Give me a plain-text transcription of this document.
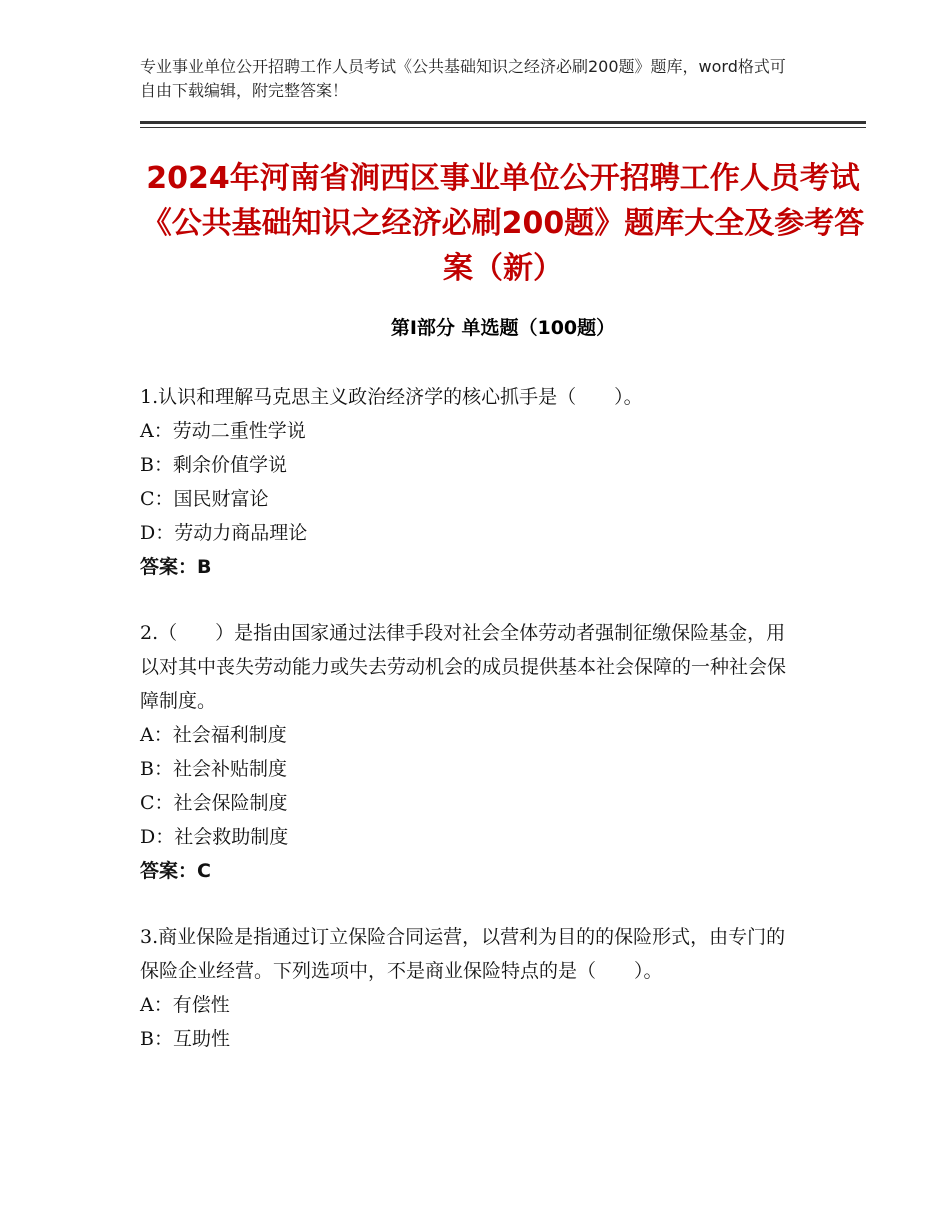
专业事业单位公开招聘工作人员考试《公共基础知识之经济必刷200题》题库，word格式可自由下载编辑，附完整答案！
2024年河南省涧西区事业单位公开招聘工作人员考试《公共基础知识之经济必刷200题》题库大全及参考答案（新）
第Ⅰ部分 单选题（100题）
1.认识和理解马克思主义政治经济学的核心抓手是（　　）。
A：劳动二重性学说
B：剩余价值学说
C：国民财富论
D：劳动力商品理论
答案：B
2.（　　）是指由国家通过法律手段对社会全体劳动者强制征缴保险基金，用以对其中丧失劳动能力或失去劳动机会的成员提供基本社会保障的一种社会保障制度。
A：社会福利制度
B：社会补贴制度
C：社会保险制度
D：社会救助制度
答案：C
3.商业保险是指通过订立保险合同运营，以营利为目的的保险形式，由专门的保险企业经营。下列选项中，不是商业保险特点的是（　　）。
A：有偿性
B：互助性
